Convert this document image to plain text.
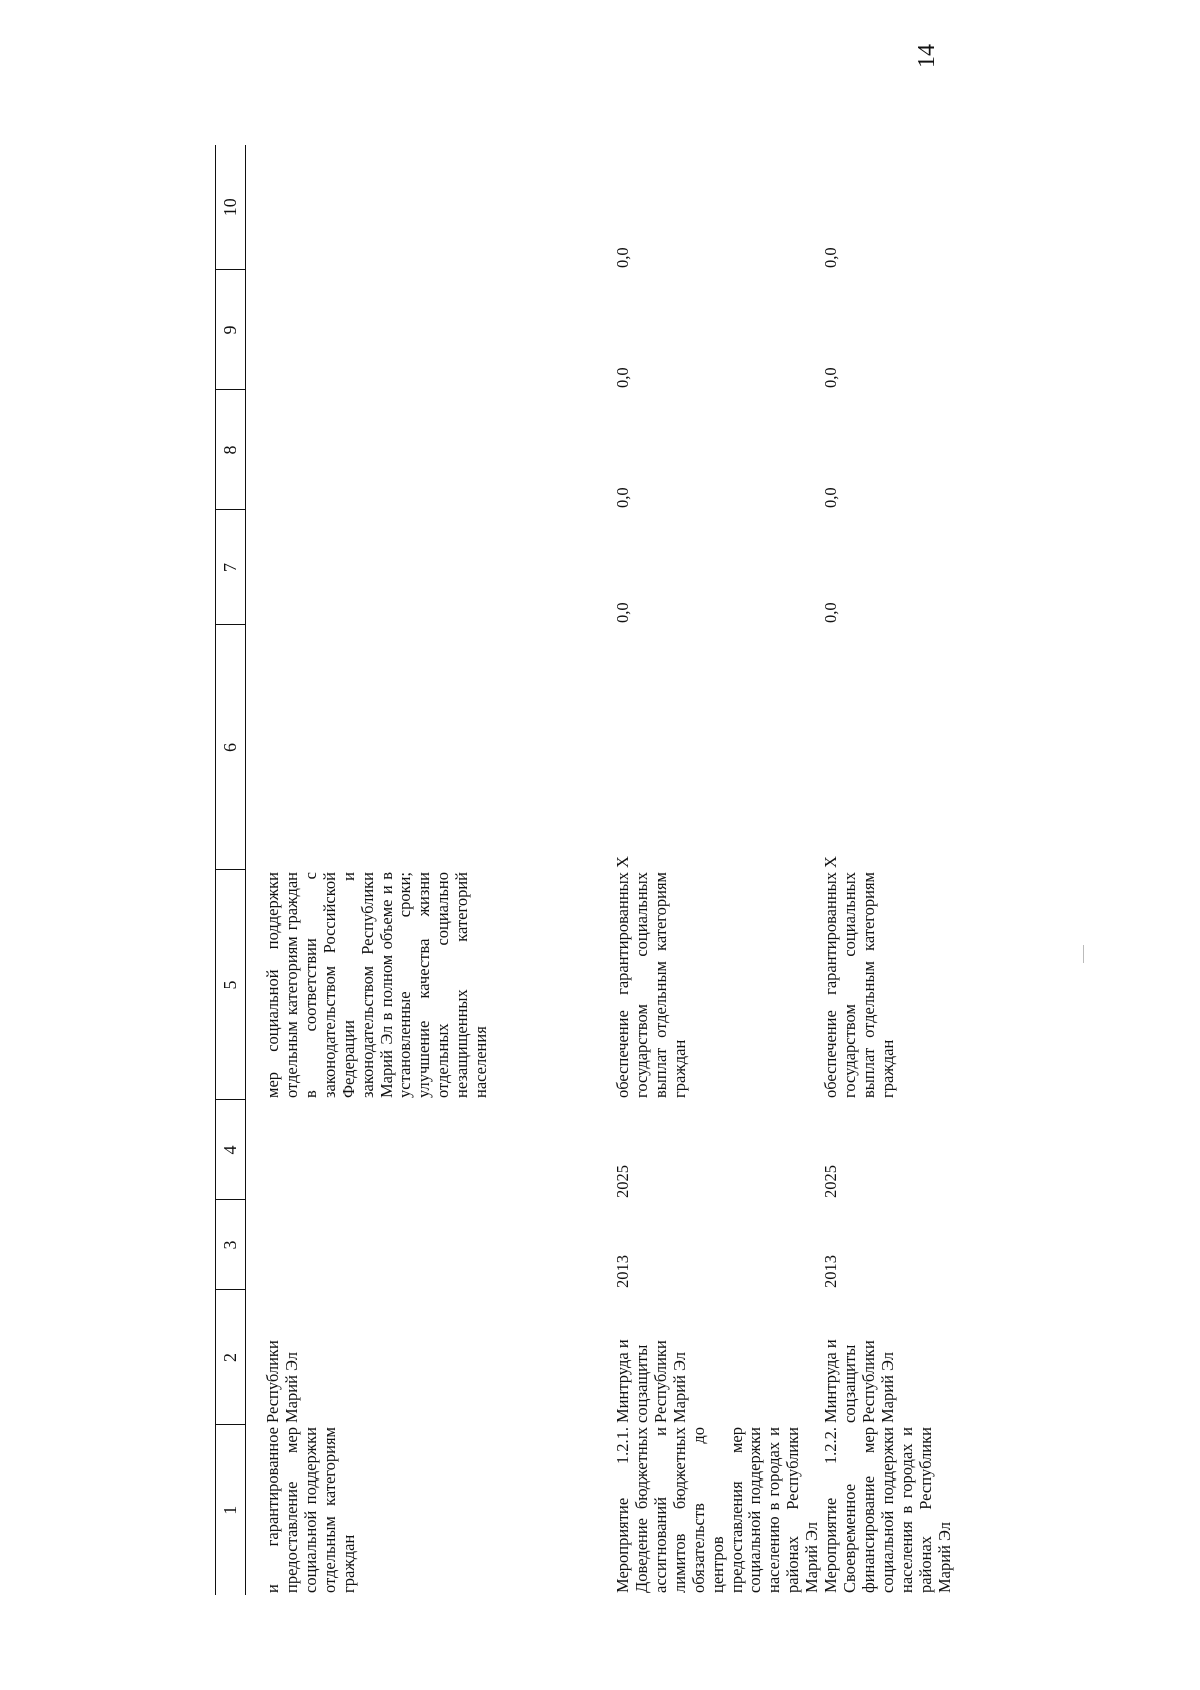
14
1	2	3	4	5	6	7	8	9	10
и гарантированное предоставление мер социальной поддержки отдельным категориям граждан	Республики Марий Эл			мер социальной поддержки отдельным категориям граждан в соответствии с законодательством Российской Федерации и законодательством Республики Марий Эл в полном объеме и в установленные сроки; улучшение качества жизни отдельных социально незащищенных категорий населения					
Мероприятие 1.2.1. Доведение бюджетных ассигнований и лимитов бюджетных обязательств до центров предоставления мер социальной поддержки населению в городах и районах Республики Марий Эл	Минтруда и соцзащиты Республики Марий Эл	2013	2025	обеспечение гарантированных государством социальных выплат отдельным категориям граждан	X	0,0	0,0	0,0	0,0
Мероприятие 1.2.2. Своевременное финансирование мер социальной поддержки населения в городах и районах Республики Марий Эл	Минтруда и соцзащиты Республики Марий Эл	2013	2025	обеспечение гарантированных государством социальных выплат отдельным категориям граждан	X	0,0	0,0	0,0	0,0
